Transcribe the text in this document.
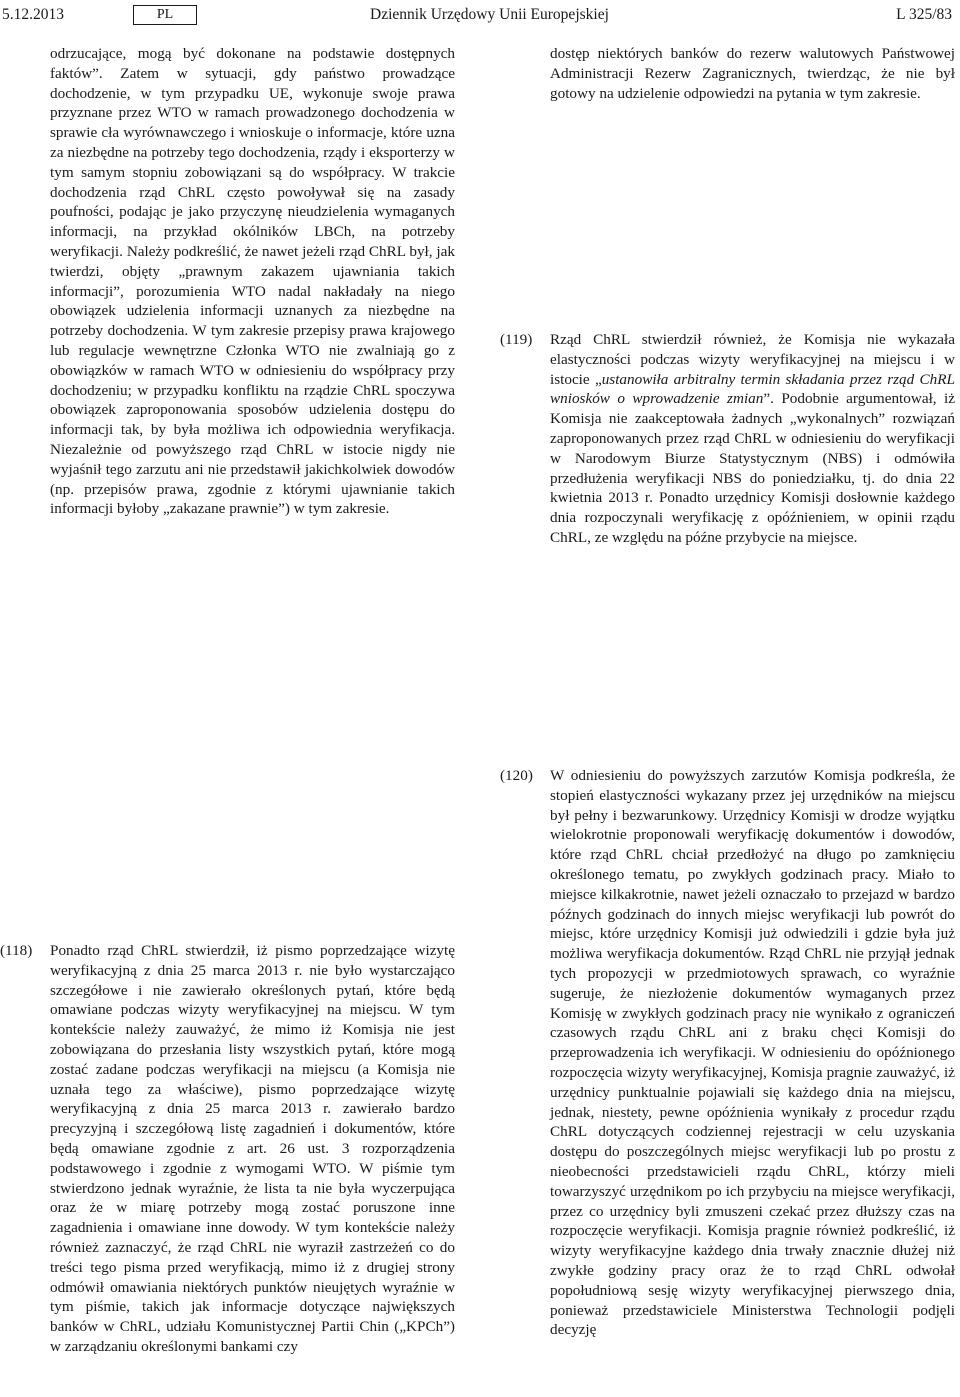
5.12.2013	PL	Dziennik Urzędowy Unii Europejskiej	L 325/83

odrzucające, mogą być dokonane na podstawie dostępnych faktów”. Zatem w sytuacji, gdy państwo prowadzące dochodzenie, w tym przypadku UE, wykonuje swoje prawa przyznane przez WTO w ramach prowadzonego dochodzenia w sprawie cła wyrównawczego i wnioskuje o informacje, które uzna za niezbędne na potrzeby tego dochodzenia, rządy i eksporterzy w tym samym stopniu zobowiązani są do współpracy. W trakcie dochodzenia rząd ChRL często powoływał się na zasady poufności, podając je jako przyczynę nieudzielenia wymaganych informacji, na przykład okólników LBCh, na potrzeby weryfikacji. Należy podkreślić, że nawet jeżeli rząd ChRL był, jak twierdzi, objęty „prawnym zakazem ujawniania takich informacji”, porozumienia WTO nadal nakładały na niego obowiązek udzielenia informacji uznanych za niezbędne na potrzeby dochodzenia. W tym zakresie przepisy prawa krajowego lub regulacje wewnętrzne Członka WTO nie zwalniają go z obowiązków w ramach WTO w odniesieniu do współpracy przy dochodzeniu; w przypadku konfliktu na rządzie ChRL spoczywa obowiązek zaproponowania sposobów udzielenia dostępu do informacji tak, by była możliwa ich odpowiednia weryfikacja. Niezależnie od powyższego rząd ChRL w istocie nigdy nie wyjaśnił tego zarzutu ani nie przedstawił jakichkolwiek dowodów (np. przepisów prawa, zgodnie z którymi ujawnianie takich informacji byłoby „zakazane prawnie”) w tym zakresie.

dostęp niektórych banków do rezerw walutowych Państwowej Administracji Rezerw Zagranicznych, twierdząc, że nie był gotowy na udzielenie odpowiedzi na pytania w tym zakresie.

(119) Rząd ChRL stwierdził również, że Komisja nie wykazała elastyczności podczas wizyty weryfikacyjnej na miejscu i w istocie „ustanowiła arbitralny termin składania przez rząd ChRL wniosków o wprowadzenie zmian”. Podobnie argumentował, iż Komisja nie zaakceptowała żadnych „wykonalnych” rozwiązań zaproponowanych przez rząd ChRL w odniesieniu do weryfikacji w Narodowym Biurze Statystycznym (NBS) i odmówiła przedłużenia weryfikacji NBS do poniedziałku, tj. do dnia 22 kwietnia 2013 r. Ponadto urzędnicy Komisji dosłownie każdego dnia rozpoczynali weryfikację z opóźnieniem, w opinii rządu ChRL, ze względu na późne przybycie na miejsce.
(120) W odniesieniu do powyższych zarzutów Komisja podkreśla, że stopień elastyczności wykazany przez jej urzędników na miejscu był pełny i bezwarunkowy. Urzędnicy Komisji w drodze wyjątku wielokrotnie proponowali weryfikację dokumentów i dowodów, które rząd ChRL chciał przedłożyć na długo po zamknięciu określonego tematu, po zwykłych godzinach pracy. Miało to miejsce kilkakrotnie, nawet jeżeli oznaczało to przejazd w bardzo późnych godzinach do innych miejsc weryfikacji lub powrót do miejsc, które urzędnicy Komisji już odwiedzili i gdzie była już możliwa weryfikacja dokumentów. Rząd ChRL nie przyjął jednak tych propozycji w przedmiotowych sprawach, co wyraźnie sugeruje, że niezłożenie dokumentów wymaganych przez Komisję w zwykłych godzinach pracy nie wynikało z ograniczeń czasowych rządu ChRL ani z braku chęci Komisji do przeprowadzenia ich weryfikacji. W odniesieniu do opóźnionego rozpoczęcia wizyty weryfikacyjnej, Komisja pragnie zauważyć, iż urzędnicy punktualnie pojawiali się każdego dnia na miejscu, jednak, niestety, pewne opóźnienia wynikały z procedur rządu ChRL dotyczących codziennej rejestracji w celu uzyskania dostępu do poszczególnych miejsc weryfikacji lub po prostu z nieobecności przedstawicieli rządu ChRL, którzy mieli towarzyszyć urzędnikom po ich przybyciu na miejsce weryfikacji, przez co urzędnicy byli zmuszeni czekać przez dłuższy czas na rozpoczęcie weryfikacji. Komisja pragnie również podkreślić, iż wizyty weryfikacyjne każdego dnia trwały znacznie dłużej niż zwykłe godziny pracy oraz że to rząd ChRL odwołał popołudniową sesję wizyty weryfikacyjnej pierwszego dnia, ponieważ przedstawiciele Ministerstwa Technologii podjęli decyzję
(118) Ponadto rząd ChRL stwierdził, iż pismo poprzedzające wizytę weryfikacyjną z dnia 25 marca 2013 r. nie było wystarczająco szczegółowe i nie zawierało określonych pytań, które będą omawiane podczas wizyty weryfikacyjnej na miejscu. W tym kontekście należy zauważyć, że mimo iż Komisja nie jest zobowiązana do przesłania listy wszystkich pytań, które mogą zostać zadane podczas weryfikacji na miejscu (a Komisja nie uznała tego za właściwe), pismo poprzedzające wizytę weryfikacyjną z dnia 25 marca 2013 r. zawierało bardzo precyzyjną i szczegółową listę zagadnień i dokumentów, które będą omawiane zgodnie z art. 26 ust. 3 rozporządzenia podstawowego i zgodnie z wymogami WTO. W piśmie tym stwierdzono jednak wyraźnie, że lista ta nie była wyczerpująca oraz że w miarę potrzeby mogą zostać poruszone inne zagadnienia i omawiane inne dowody. W tym kontekście należy również zaznaczyć, że rząd ChRL nie wyraził zastrzeżeń co do treści tego pisma przed weryfikacją, mimo iż z drugiej strony odmówił omawiania niektórych punktów nieujętych wyraźnie w tym piśmie, takich jak informacje dotyczące największych banków w ChRL, udziału Komunistycznej Partii Chin („KPCh”) w zarządzaniu określonymi bankami czy
